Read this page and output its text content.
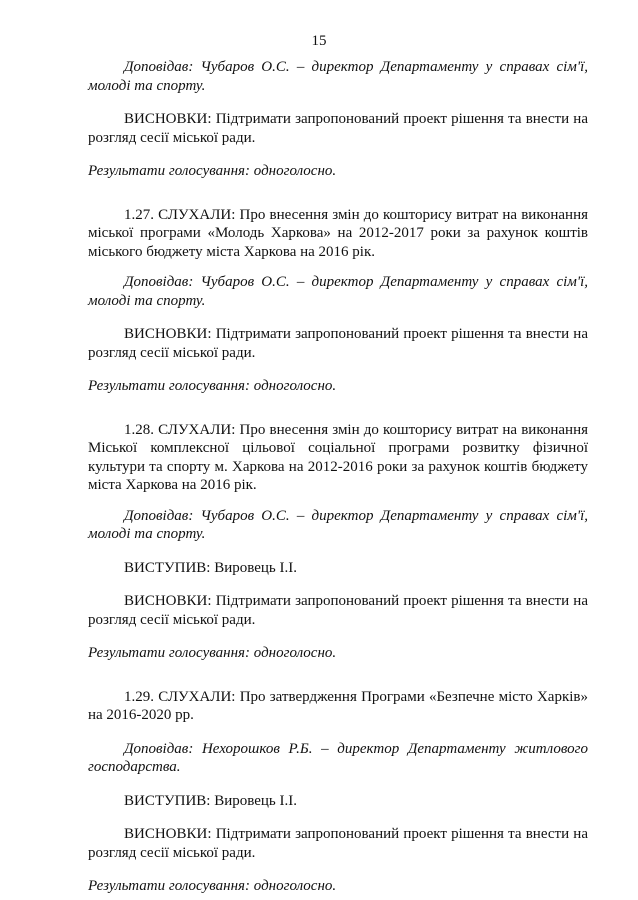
15

Доповідав: Чубаров О.С. – директор Департаменту у справах сім'ї, молоді та спорту.

ВИСНОВКИ: Підтримати запропонований проект рішення та внести на розгляд сесії міської ради.

Результати голосування: одноголосно.

1.27. СЛУХАЛИ: Про внесення змін до кошторису витрат на виконання міської програми «Молодь Харкова» на 2012-2017 роки за рахунок коштів міського бюджету міста Харкова на 2016 рік.

Доповідав: Чубаров О.С. – директор Департаменту у справах сім'ї, молоді та спорту.

ВИСНОВКИ: Підтримати запропонований проект рішення та внести на розгляд сесії міської ради.

Результати голосування: одноголосно.

1.28. СЛУХАЛИ: Про внесення змін до кошторису витрат на виконання Міської комплексної цільової соціальної програми розвитку фізичної культури та спорту м. Харкова на 2012-2016 роки за рахунок коштів бюджету міста Харкова на 2016 рік.

Доповідав: Чубаров О.С. – директор Департаменту у справах сім'ї, молоді та спорту.

ВИСТУПИВ: Вировець І.І.

ВИСНОВКИ: Підтримати запропонований проект рішення та внести на розгляд сесії міської ради.

Результати голосування: одноголосно.

1.29. СЛУХАЛИ: Про затвердження Програми «Безпечне місто Харків» на 2016-2020 рр.

Доповідав: Нехорошков Р.Б. – директор Департаменту житлового господарства.

ВИСТУПИВ: Вировець І.І.

ВИСНОВКИ: Підтримати запропонований проект рішення та внести на розгляд сесії міської ради.

Результати голосування: одноголосно.
